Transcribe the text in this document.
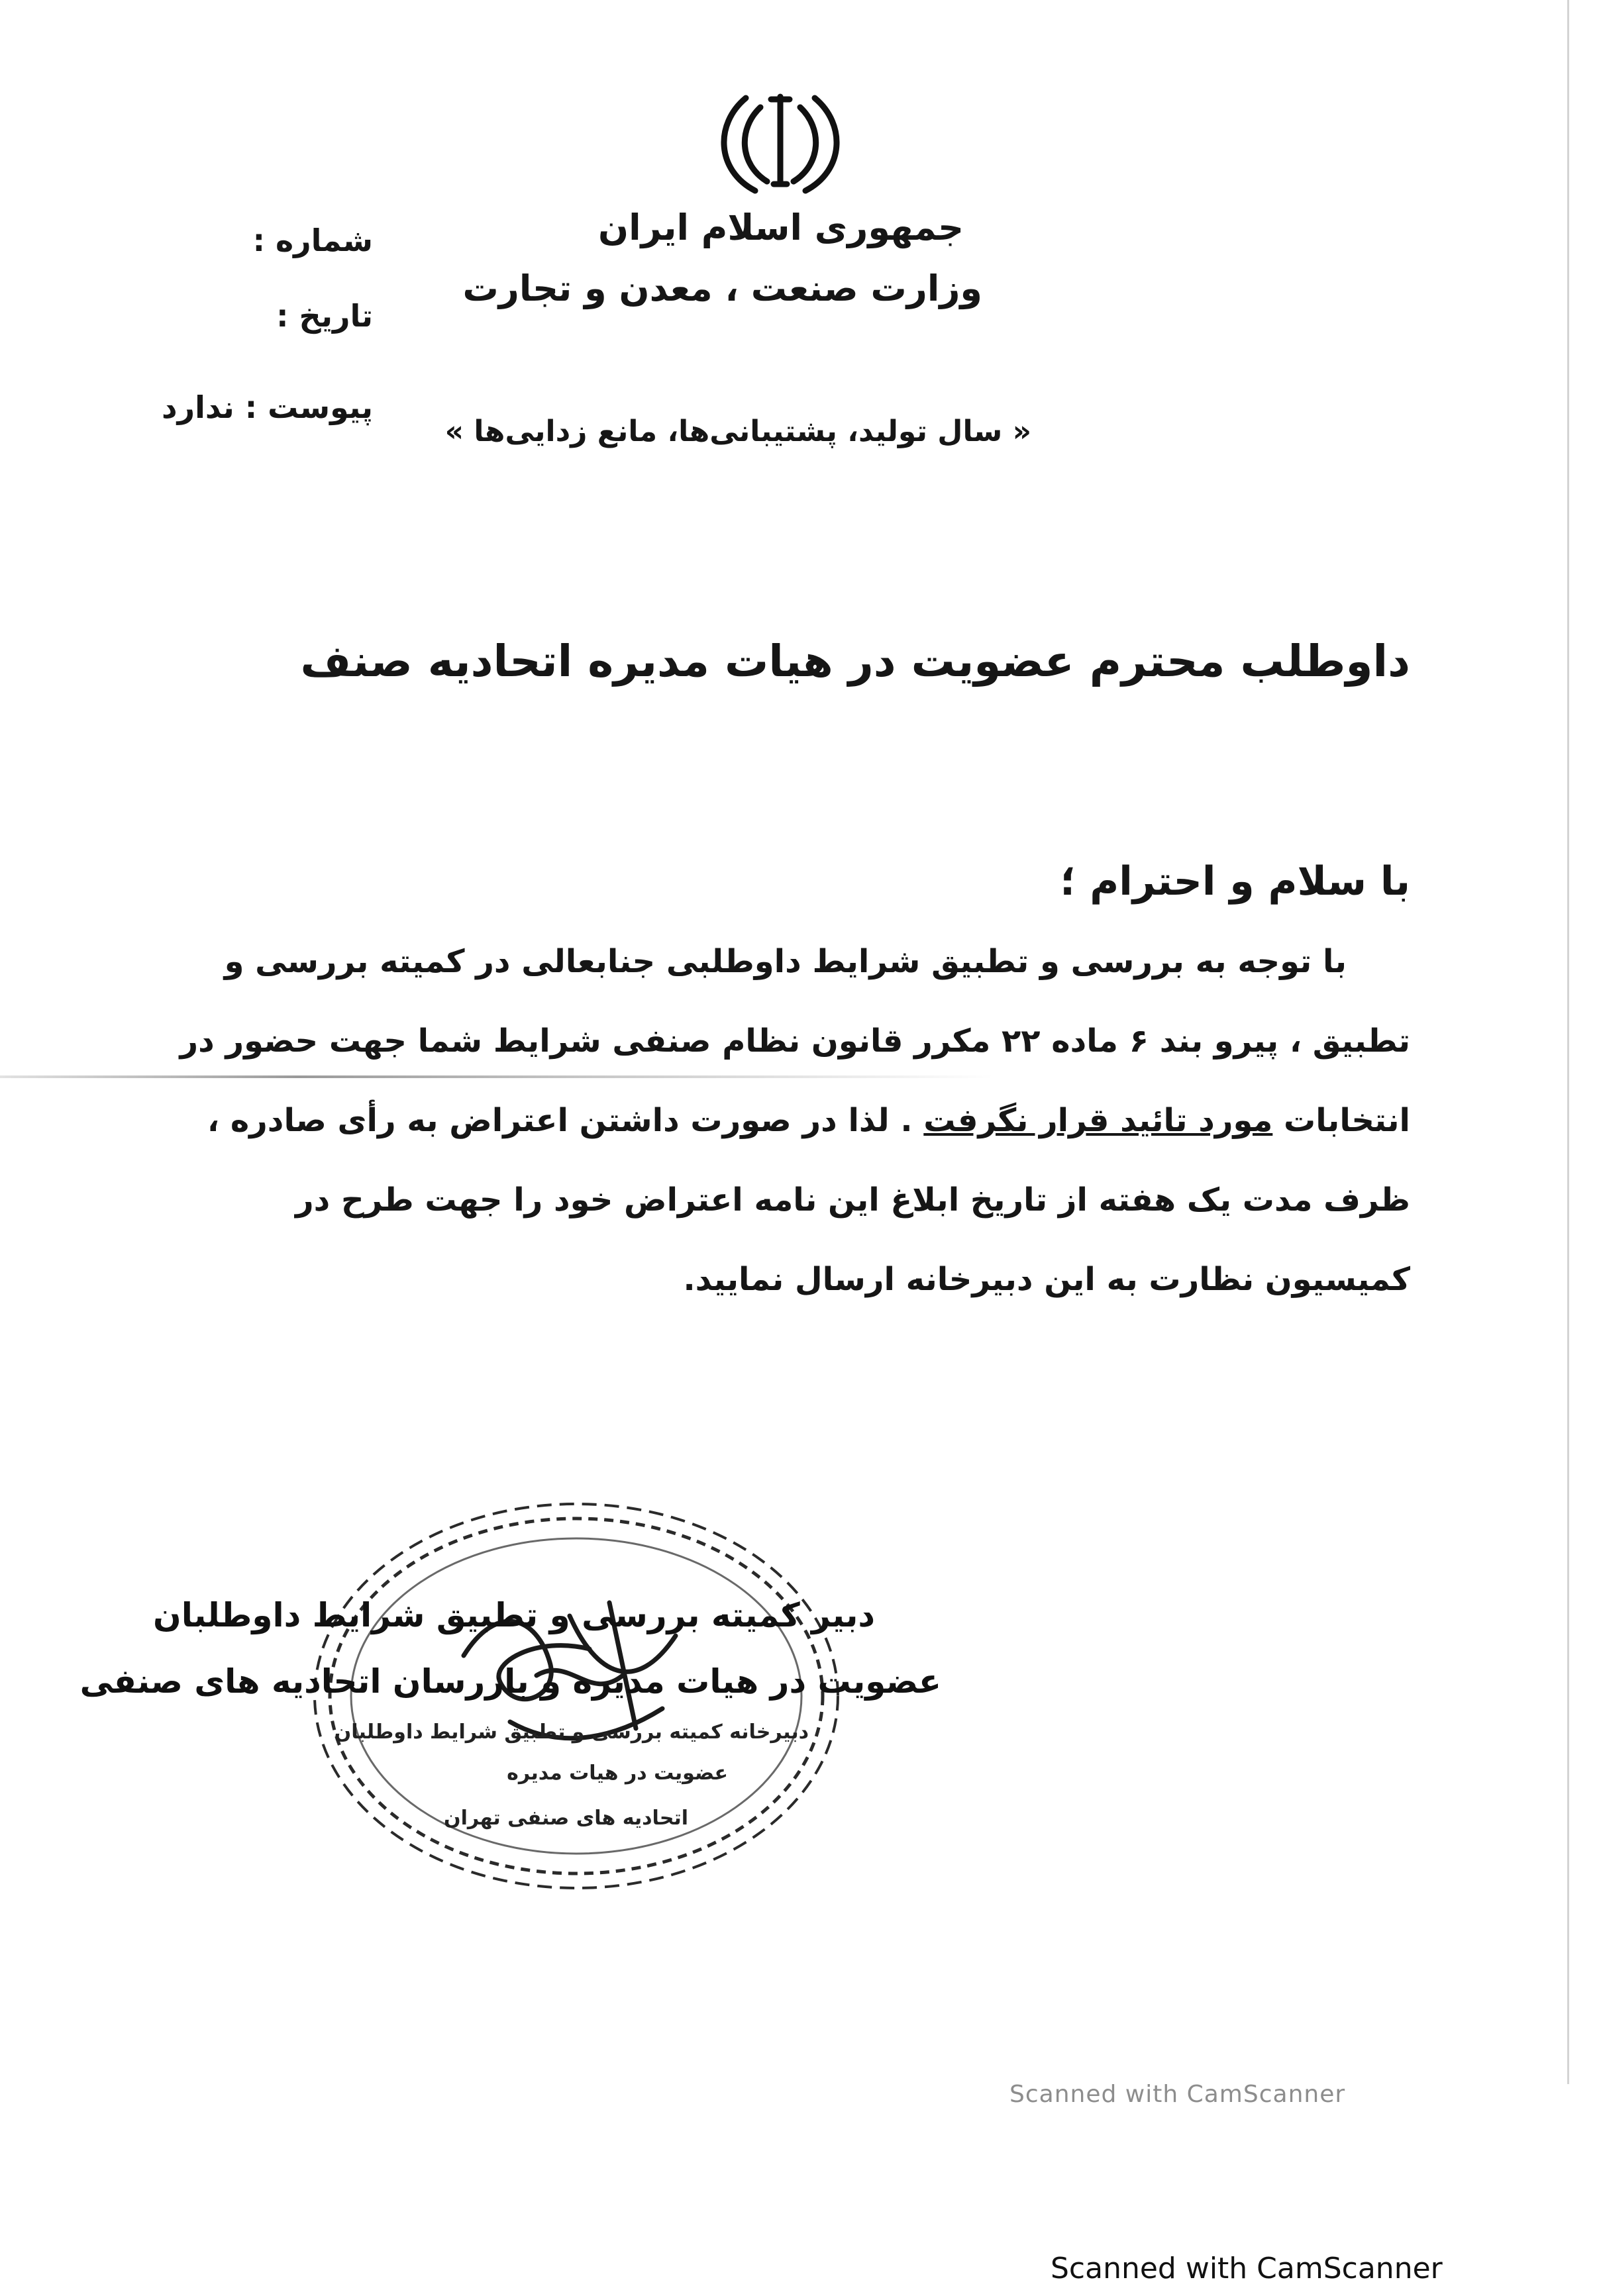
جمهوری اسلام ایران
وزارت صنعت ، معدن و تجارت
« سال تولید، پشتیبانی‌ها، مانع زدایی‌ها »
شماره :
تاریخ :
پیوست : ندارد
داوطلب محترم عضویت در هیات مدیره اتحادیه صنف
با سلام و احترام ؛
با توجه به بررسی و تطبیق شرایط داوطلبی جنابعالی در کمیته بررسی و
تطبیق ، پیرو بند ۶ ماده ۲۲ مکرر قانون نظام صنفی شرایط شما جهت حضور در
انتخابات مورد تائید قرار نگرفت . لذا در صورت داشتن اعتراض به رأی صادره ،
ظرف مدت یک هفته از تاریخ ابلاغ این نامه اعتراض خود را جهت طرح در
کمیسیون نظارت به این دبیرخانه ارسال نمایید.
دبیر کمیته بررسی و تطبیق شرایط داوطلبان
عضویت در هیات مدیره و بازرسان اتحادیه های صنفی
دبیرخانه کمیته بررسی و تطبیق شرایط داوطلبان
عضویت در هیات مدیره
اتحادیه های صنفی تهران
Scanned with CamScanner
Scanned with CamScanner
